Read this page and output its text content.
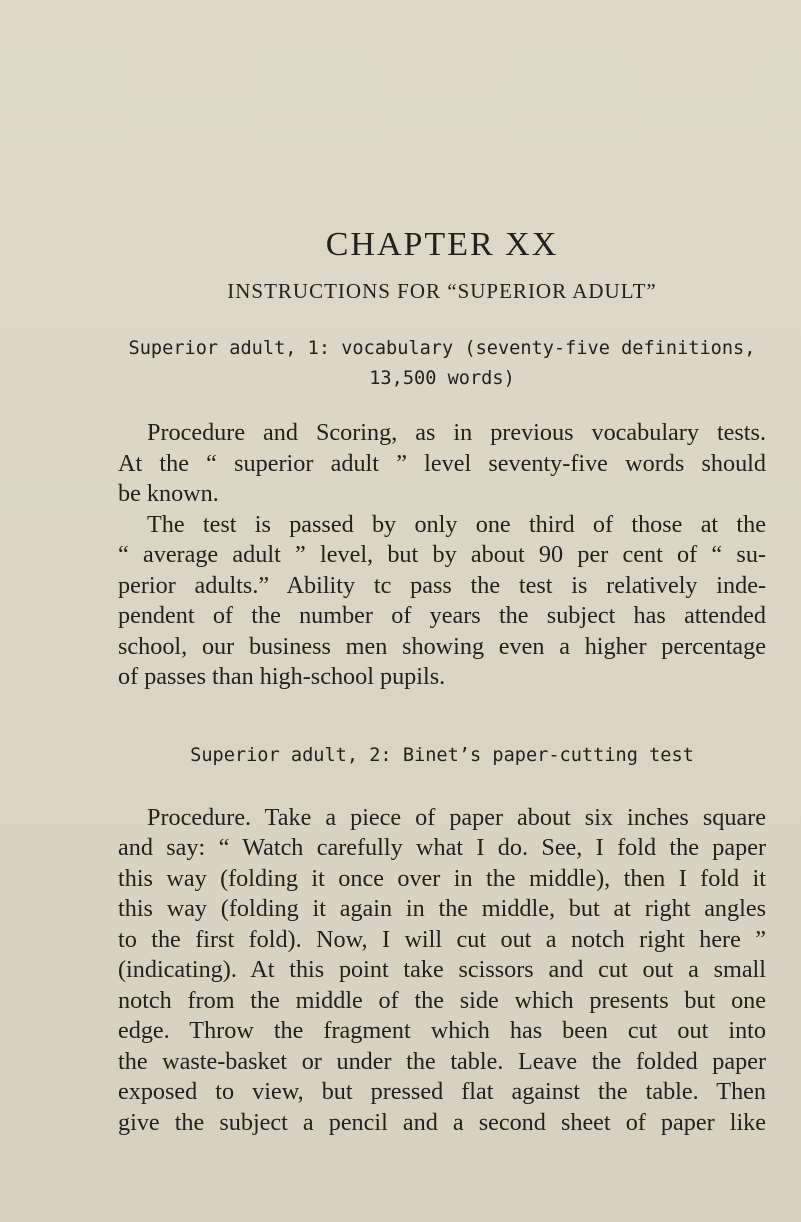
CHAPTER XX
INSTRUCTIONS FOR “SUPERIOR ADULT”
Superior adult, 1: vocabulary (seventy-five definitions,
13,500 words)
Procedure and Scoring, as in previous vocabulary tests.
At the “ superior adult ” level seventy-five words should
be known.
The test is passed by only one third of those at the
“ average adult ” level, but by about 90 per cent of “ su-
perior adults.” Ability tc pass the test is relatively inde-
pendent of the number of years the subject has attended
school, our business men showing even a higher percentage
of passes than high-school pupils.
Superior adult, 2: Binet’s paper-cutting test
Procedure. Take a piece of paper about six inches square
and say: “ Watch carefully what I do. See, I fold the paper
this way (folding it once over in the middle), then I fold it
this way (folding it again in the middle, but at right angles
to the first fold). Now, I will cut out a notch right here ”
(indicating). At this point take scissors and cut out a small
notch from the middle of the side which presents but one
edge. Throw the fragment which has been cut out into
the waste-basket or under the table. Leave the folded paper
exposed to view, but pressed flat against the table. Then
give the subject a pencil and a second sheet of paper like
